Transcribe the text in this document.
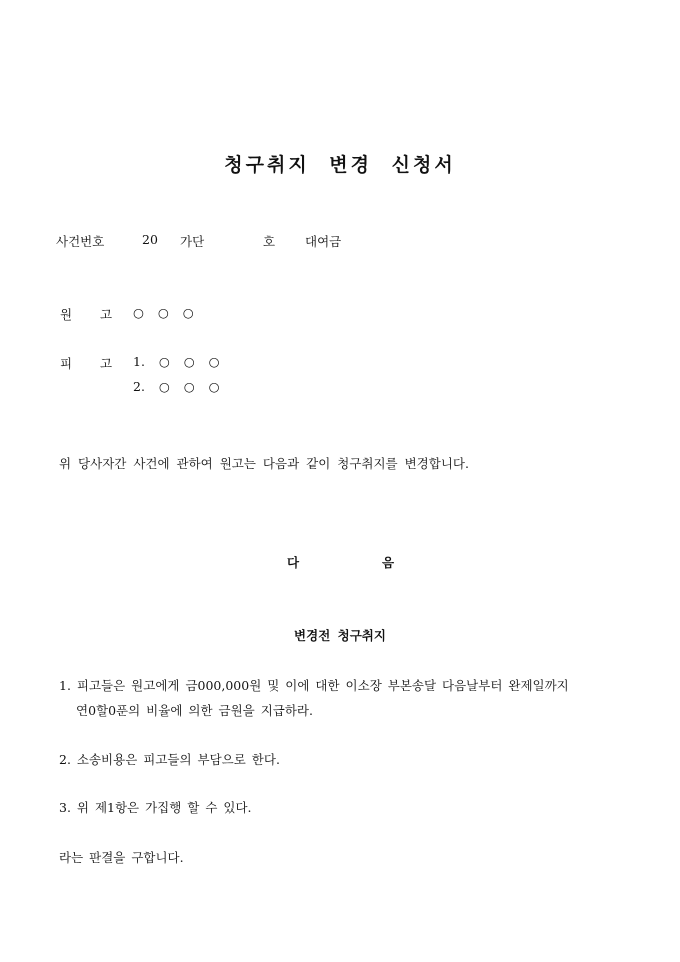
청구취지 변경 신청서
사건번호	20 가단	호 대여금
원 고 ○ ○ ○
피 고 1. ○ ○ ○
2. ○ ○ ○
위 당사자간 사건에 관하여 원고는 다음과 같이 청구취지를 변경합니다.
다	음
변경전 청구취지
1. 피고들은 원고에게 금000,000원 및 이에 대한 이소장 부본송달 다음날부터 완제일까지
연0할0푼의 비율에 의한 금원을 지급하라.
2. 소송비용은 피고들의 부담으로 한다.
3. 위 제1항은 가집행 할 수 있다.
라는 판결을 구합니다.
